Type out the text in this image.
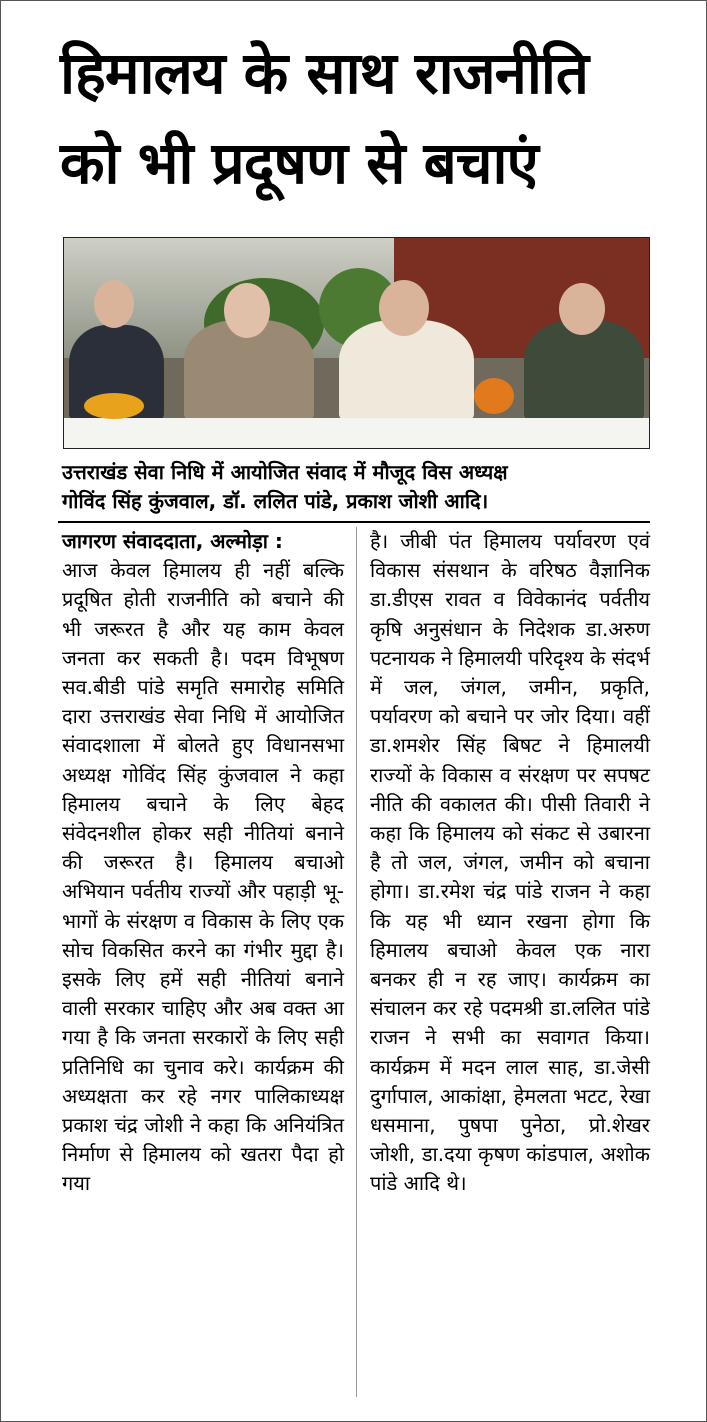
हिमालय के साथ राजनीति
को भी प्रदूषण से बचाएं
उत्तराखंड सेवा निधि में आयोजित संवाद में मौजूद विस अध्यक्ष
गोविंद सिंह कुंजवाल, डॉ. ललित पांडे, प्रकाश जोशी आदि।

जागरण संवाददाता, अल्मोड़ा :

आज केवल हिमालय ही नहीं बल्कि प्रदूषित होती राजनीति को बचाने की भी जरूरत है और यह काम केवल जनता कर सकती है। पदम विभूषण सव.बीडी पांडे समृति समारोह समिति दारा उत्तराखंड सेवा निधि में आयोजित संवादशाला में बोलते हुए विधानसभा अध्यक्ष गोविंद सिंह कुंजवाल ने कहा हिमालय बचाने के लिए बेहद संवेदनशील होकर सही नीतियां बनाने की जरूरत है। हिमालय बचाओ अभियान पर्वतीय राज्यों और पहाड़ी भू-भागों के संरक्षण व विकास के लिए एक सोच विकसित करने का गंभीर मुद्दा है। इसके लिए हमें सही नीतियां बनाने वाली सरकार चाहिए और अब वक्त आ गया है कि जनता सरकारों के लिए सही प्रतिनिधि का चुनाव करे। कार्यक्रम की अध्यक्षता कर रहे नगर पालिकाध्यक्ष प्रकाश चंद्र जोशी ने कहा कि अनियंत्रित निर्माण से हिमालय को खतरा पैदा हो गया

है। जीबी पंत हिमालय पर्यावरण एवं विकास संसथान के वरिषठ वैज्ञानिक डा.डीएस रावत व विवेकानंद पर्वतीय कृषि अनुसंधान के निदेशक डा.अरुण पटनायक ने हिमालयी परिदृश्य के संदर्भ में जल, जंगल, जमीन, प्रकृति, पर्यावरण को बचाने पर जोर दिया। वहीं डा.शमशेर सिंह बिषट ने हिमालयी राज्यों के विकास व संरक्षण पर सपषट नीति की वकालत की। पीसी तिवारी ने कहा कि हिमालय को संकट से उबारना है तो जल, जंगल, जमीन को बचाना होगा। डा.रमेश चंद्र पांडे राजन ने कहा कि यह भी ध्यान रखना होगा कि हिमालय बचाओ केवल एक नारा बनकर ही न रह जाए। कार्यक्रम का संचालन कर रहे पदमश्री डा.ललित पांडे राजन ने सभी का सवागत किया। कार्यक्रम में मदन लाल साह, डा.जेसी दुर्गापाल, आकांक्षा, हेमलता भटट, रेखा धसमाना, पुषपा पुनेठा, प्रो.शेखर जोशी, डा.दया कृषण कांडपाल, अशोक पांडे आदि थे।
